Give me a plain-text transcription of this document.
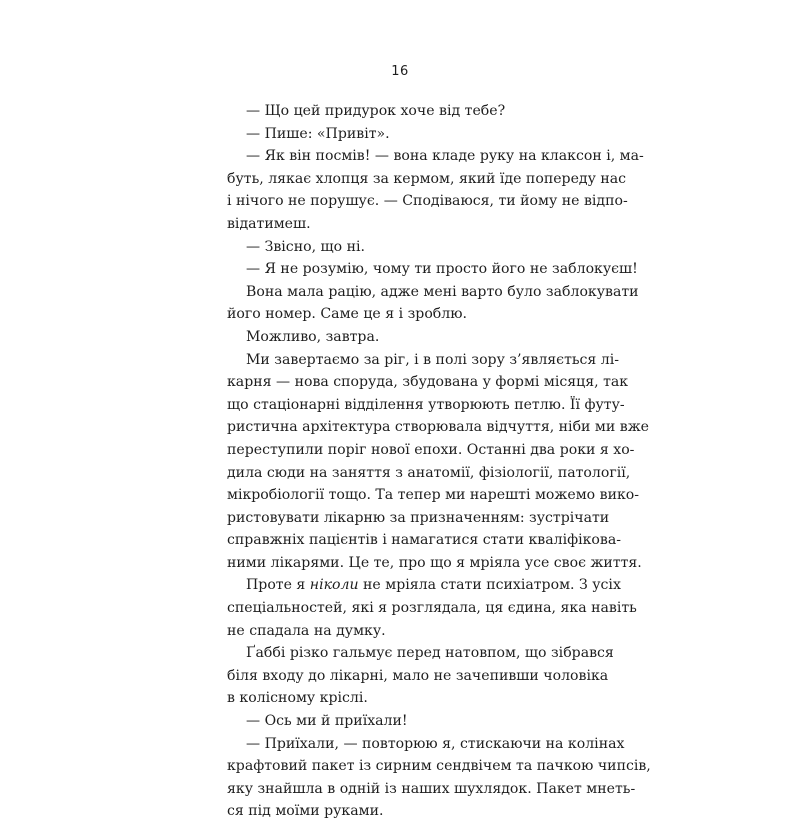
16
— Що цей придурок хоче від тебе?
— Пише: «Привіт».
— Як він посмів! — вона кладе руку на клаксон і, ма-
буть, лякає хлопця за кермом, який їде попереду нас
і нічого не порушує. — Сподіваюся, ти йому не відпо-
відатимеш.
— Звісно, що ні.
— Я не розумію, чому ти просто його не заблокуєш!
Вона мала рацію, адже мені варто було заблокувати
його номер. Саме це я і зроблю.
Можливо, завтра.
Ми завертаємо за ріг, і в полі зору з’являється лі-
карня — нова споруда, збудована у формі місяця, так
що стаціонарні відділення утворюють петлю. Її футу-
ристична архітектура створювала відчуття, ніби ми вже
переступили поріг нової епохи. Останні два роки я хо-
дила сюди на заняття з анатомії, фізіології, патології,
мікробіології тощо. Та тепер ми нарешті можемо вико-
ристовувати лікарню за призначенням: зустрічати
справжніх пацієнтів і намагатися стати кваліфікова-
ними лікарями. Це те, про що я мріяла усе своє життя.
Проте я ніколи не мріяла стати психіатром. З усіх
спеціальностей, які я розглядала, ця єдина, яка навіть
не спадала на думку.
Ґаббі різко гальмує перед натовпом, що зібрався
біля входу до лікарні, мало не зачепивши чоловіка
в колісному кріслі.
— Ось ми й приїхали!
— Приїхали, — повторюю я, стискаючи на колінах
крафтовий пакет із сирним сендвічем та пачкою чипсів,
яку знайшла в одній із наших шухлядок. Пакет мнеть-
ся під моїми руками.
